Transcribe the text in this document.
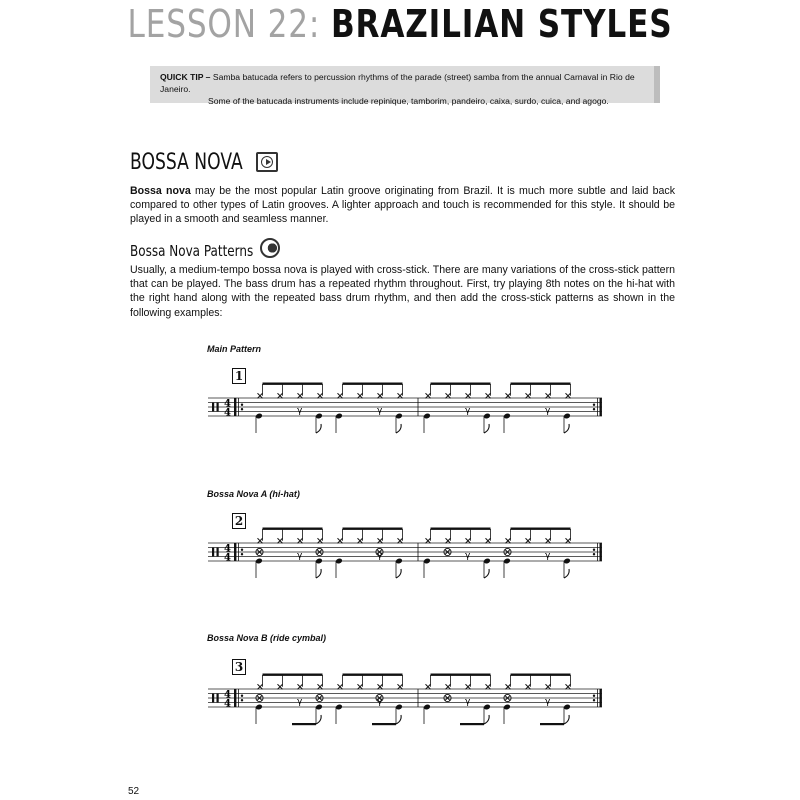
LESSON 22: BRAZILIAN STYLES
QUICK TIP – Samba batucada refers to percussion rhythms of the parade (street) samba from the annual Carnaval in Rio de Janeiro.
Some of the batucada instruments include repinique, tamborim, pandeiro, caixa, surdo, cuica, and agogo.
BOSSA NOVA
Bossa nova may be the most popular Latin groove originating from Brazil. It is much more subtle and laid back compared to other types of Latin grooves. A lighter approach and touch is recommended for this style. It should be played in a smooth and seamless manner.
Bossa Nova Patterns
Usually, a medium-tempo bossa nova is played with cross-stick. There are many variations of the cross-stick pattern that can be played. The bass drum has a repeated rhythm throughout. First, try playing 8th notes on the hi-hat with the right hand along with the repeated bass drum rhythm, and then add the cross-stick patterns as shown in the following examples:
Main Pattern
1
4
4	γ	γ	γ	γ
Bossa Nova A (hi-hat)
2
4
4	γ	γ	γ	γ
Bossa Nova B (ride cymbal)
3
4
4	γ	γ	γ	γ
52
